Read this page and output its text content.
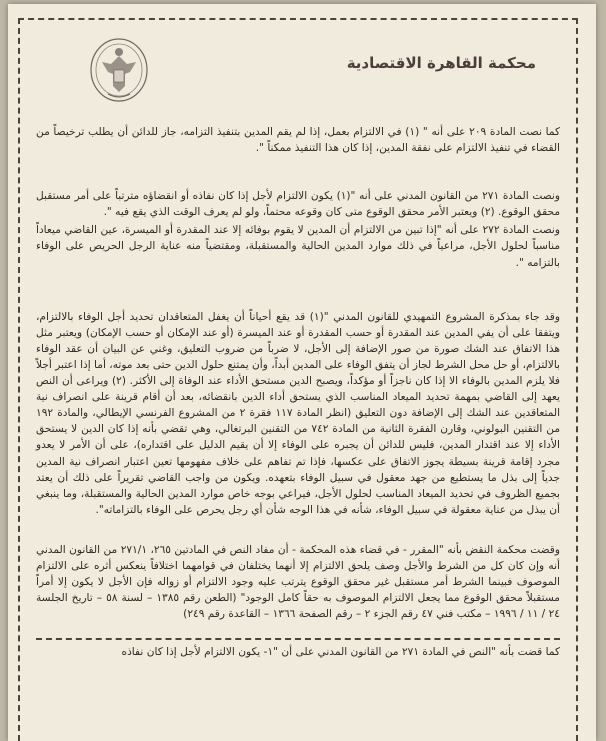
محكمة القاهرة الاقتصادية

كما نصت المادة ٢٠٩ على أنه " (١) في الالتزام بعمل، إذا لم يقم المدين بتنفيذ التزامه، جاز للدائن أن يطلب ترخيصاً من القضاء في تنفيذ الالتزام على نفقة المدين، إذا كان هذا التنفيذ ممكناً ".

ونصت المادة ٢٧١ من القانون المدني على أنه "(١) يكون الالتزام لأجل إذا كان نفاذه أو انقضاؤه مترتباً على أمر مستقبل محقق الوقوع. (٢) ويعتبر الأمر محقق الوقوع متى كان وقوعه محتماً، ولو لم يعرف الوقت الذي يقع فيه ".

ونصت المادة ٢٧٢ على أنه "إذا تبين من الالتزام أن المدين لا يقوم بوفائه إلا عند المقدرة أو الميسرة، عين القاضي ميعاداً مناسباً لحلول الأجل، مراعياً في ذلك موارد المدين الحالية والمستقبلة، ومقتضياً منه عناية الرجل الحريص على الوفاء بالتزامه ".

وقد جاء بمذكرة المشروع التمهيدي للقانون المدني "(١) قد يقع أحياناً أن يغفل المتعاقدان تحديد أجل الوفاء بالالتزام، ويتفقا على أن يفي المدين عند المقدرة أو حسب المقدرة أو عند الميسرة (أو عند الإمكان أو حسب الإمكان) ويعتبر مثل هذا الاتفاق عند الشك صورة من صور الإضافة إلى الأجل، لا ضرباً من ضروب التعليق، وغني عن البيان أن عقد الوفاء بالالتزام، أو حل محل الشرط لجاز أن يتفق الوفاء على المدين أبداً، وأن يمتنع حلول الدين حتى بعد موته، أما إذا اعتبر أجلاً فلا يلزم المدين بالوفاء الا إذا كان ناجزاً أو مؤكداً، ويصبح الدين مستحق الأداء عند الوفاة إلى الأكثر. (٢) ويراعى أن النص يعهد إلى القاضي بمهمة تحديد الميعاد المناسب الذي يستحق أداء الدين بانقضائه، بعد أن أقام قرينة على انصراف نية المتعاقدين عند الشك إلى الإضافة دون التعليق (انظر المادة ١١٧ فقرة ٢ من المشروع الفرنسي الإيطالي، والمادة ١٩٢ من التقنين البولوني، وقارن الفقرة الثانية من المادة ٧٤٢ من التقنين البرتغالي، وهي تقضي بأنه إذا كان الدين لا يستحق الأداء إلا عند اقتدار المدين، فليس للدائن أن يجبره على الوفاء إلا أن يقيم الدليل على اقتداره)، على أن الأمر لا يعدو مجرد إقامة قرينة بسيطة يجوز الاتفاق على عكسها، فإذا تم تفاهم على خلاف مفهومها تعين اعتبار انصراف نية المدين جدياً إلى بذل ما يستطيع من جهد معقول في سبيل الوفاء بتعهده. ويكون من واجب القاضي تقريراً على ذلك أن يعتد بجميع الظروف في تحديد الميعاد المناسب لحلول الأجل، فيراعي بوجه خاص موارد المدين الحالية والمستقبلة، وما ينبغي أن يبذل من عناية معقولة في سبيل الوفاء، شأنه في هذا الوجه شأن أي رجل يحرص على الوفاء بالتزاماته".

وقضت محكمة النقض بأنه "المقرر - في قضاء هذه المحكمة - أن مفاد النص في المادتين ٢٦٥، ٢٧١/١ من القانون المدني أنه وإن كان كل من الشرط والأجل وصف يلحق الالتزام إلا أنهما يختلفان في قوامهما اختلافاً ينعكس أثره على الالتزام الموصوف فبينما الشرط أمر مستقبل غير محقق الوقوع يترتب عليه وجود الالتزام أو زواله فإن الأجل لا يكون إلا أمراً مستقبلاً محقق الوقوع مما يجعل الالتزام الموصوف به حقاً كامل الوجود" (الطعن رقم ١٣٨٥ – لسنة ٥٨ – تاريخ الجلسة ٢٤ / ١١ / ١٩٩٦ – مكتب فني ٤٧ رقم الجزء ٢ – رقم الصفحة ١٣٦٦ – القاعدة رقم ٢٤٩)

كما قضت بأنه "النص في المادة ٢٧١ من القانون المدني على أن "١- يكون الالتزام لأجل إذا كان نفاذه
